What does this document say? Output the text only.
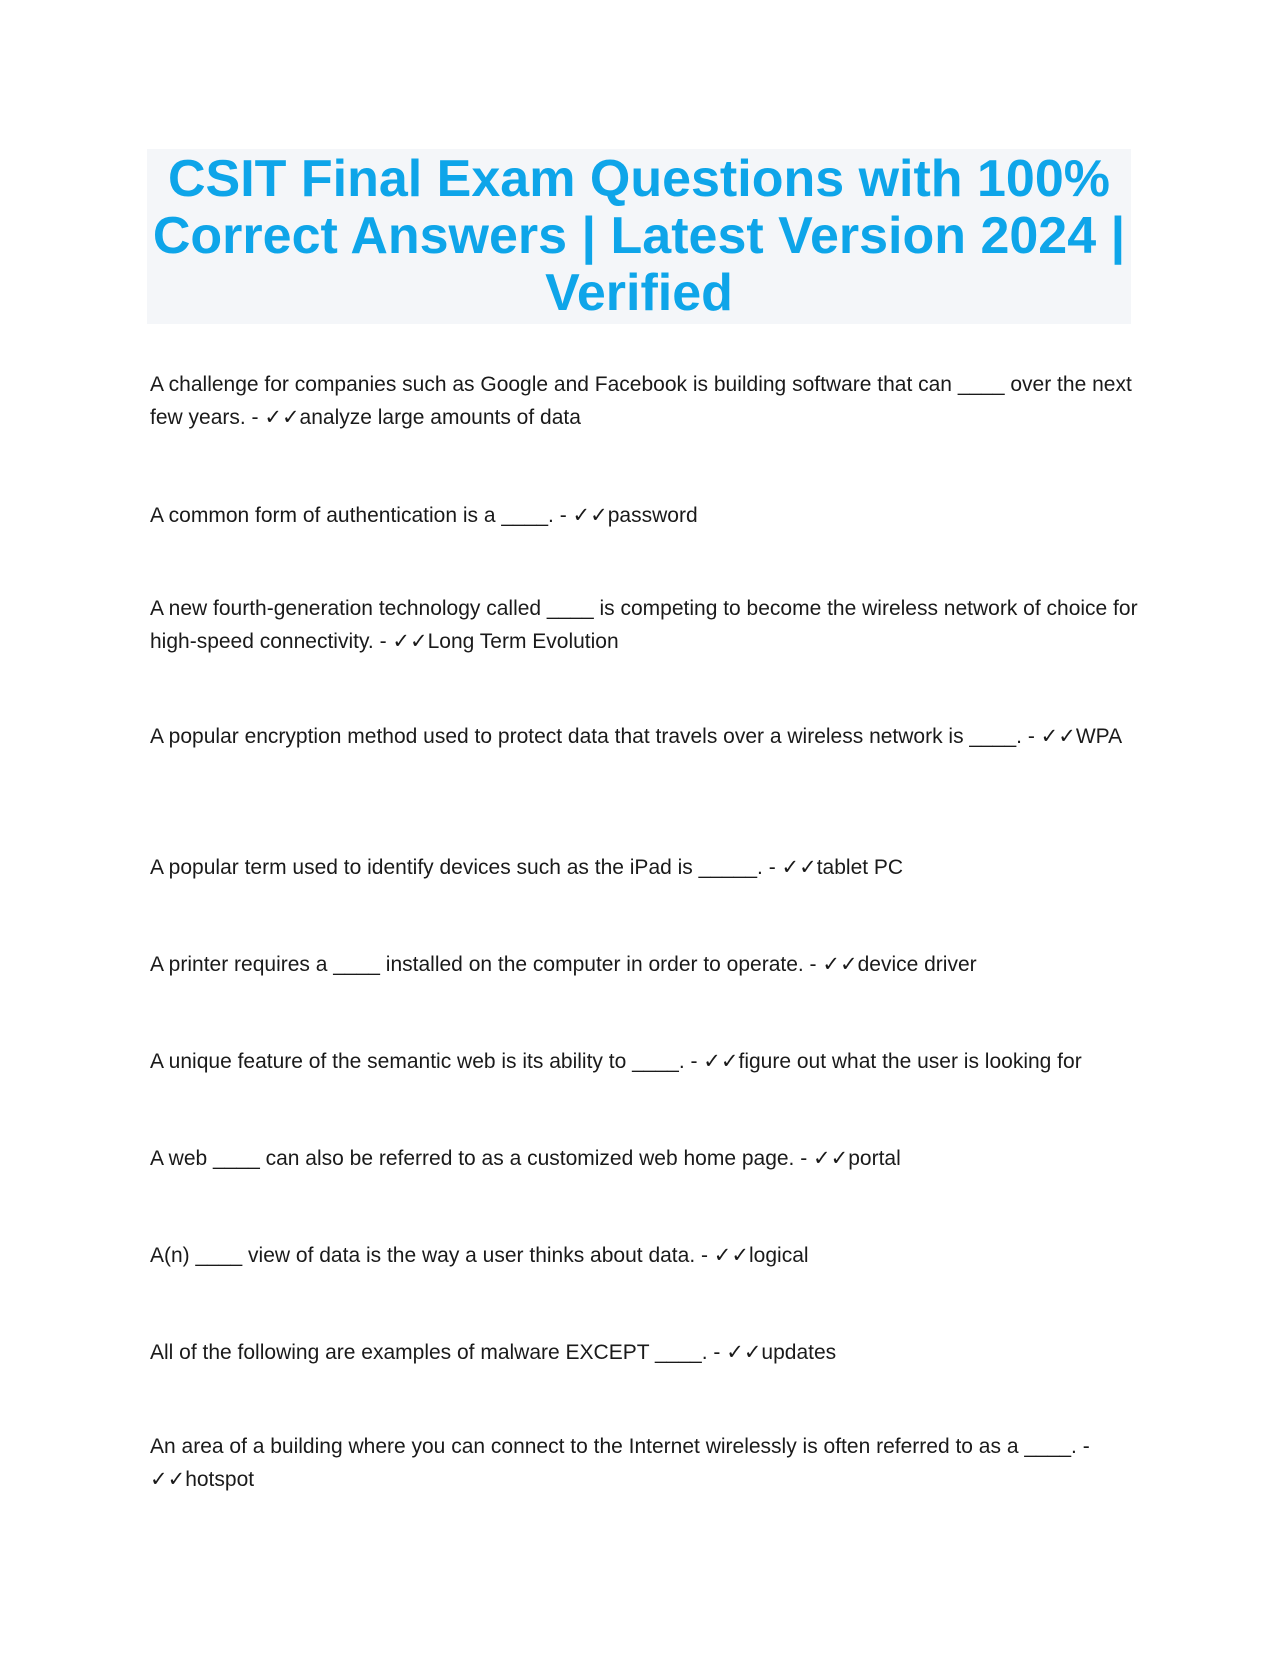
CSIT Final Exam Questions with 100% Correct Answers | Latest Version 2024 | Verified

A challenge for companies such as Google and Facebook is building software that can ____ over the next few years. - ✓✓analyze large amounts of data

A common form of authentication is a ____. - ✓✓password

A new fourth-generation technology called ____ is competing to become the wireless network of choice for high-speed connectivity. - ✓✓Long Term Evolution

A popular encryption method used to protect data that travels over a wireless network is ____. - ✓✓WPA

A popular term used to identify devices such as the iPad is _____. - ✓✓tablet PC

A printer requires a ____ installed on the computer in order to operate. - ✓✓device driver

A unique feature of the semantic web is its ability to ____. - ✓✓figure out what the user is looking for

A web ____ can also be referred to as a customized web home page. - ✓✓portal

A(n) ____ view of data is the way a user thinks about data. - ✓✓logical

All of the following are examples of malware EXCEPT ____. - ✓✓updates

An area of a building where you can connect to the Internet wirelessly is often referred to as a ____. - ✓✓hotspot
